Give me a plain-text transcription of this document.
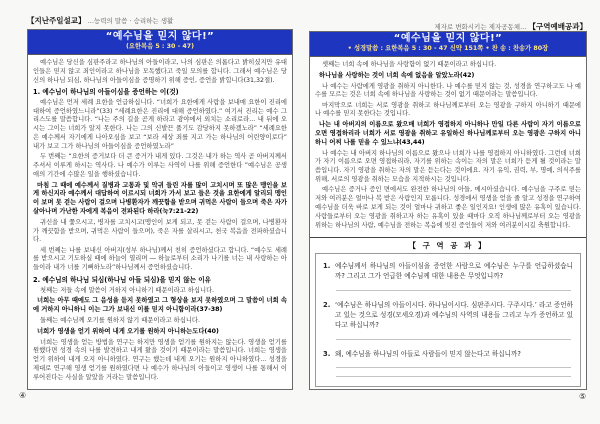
【지난주일설교】 ...능력의 말씀 · 승리하는 생활
“예수님을 믿지 않다!”
(요한복음 5 : 30 - 47)
예수님은 당신을 심판주라고 하나님의 아들이라고, 나의 심판은 의롭다고 밝히셨지만 유대인들은 믿지 않고 죄인이라고 하나님을 모독했다고 죽일 모의를 합니다. 그래서 예수님은 당신의 하나님 되심, 하나님의 아들이심을 증명하기 위해 증인, 증언을 밝힙니다(31,32절).
1. 예수님이 하나님의 아들이심을 증언하는 이(것)
예수님은 먼저 세례 요한을 언급하십니다. “너희가 요한에게 사람을 보내매 요한이 진리에 대하여 증언하였느니라”(33) “세례요한은 진리에 대해 증언하였다.” 여기서 진리는 예수 그리스도를 말씀합니다. “나는 주의 길을 곧게 하라고 광야에서 외치는 소리로라... 내 뒤에 오시는 그이는 너희가 알지 못한다. 나는 그의 신발끈 풀기도 감당하지 못하겠노라” “세례요한은 예수께서 자기에게 나아오심을 보고 “보라 세상 죄를 지고 가는 하나님의 어린양이로다” 내가 보고 그가 하나님의 아들이심을 증언하였노라”
두 번째는 “요한의 증거보다 더 큰 증거가 내게 있다. 그것은 내가 하는 역사 곧 아버지께서 주셔서 이루게 하시는 역사다. 나 예수가 이루는 사역이 나를 위해 증언한다 ”예수님은 공생애의 기간에 수많은 일을 행하셨습니다.
마침 그 때에 예수께서 질병과 고통과 및 악귀 들린 자를 많이 고치시며 또 많은 맹인을 보게 하신지라 예수께서 대답하여 이르시되 너희가 가서 보고 들은 것을 요한에게 알리되 맹인이 보며 못 걷는 사람이 걸으며 나병환자가 깨끗함을 받으며 귀먹은 사람이 들으며 죽은 자가 살아나며 가난한 자에게 복음이 전파된다 하라(눅7:21-22)
귀신을 내 쫓으시고, 병자를 고치시고(맹인이 보게 되고, 못 걷는 사람이 걸으며, 나병환자가 깨끗함을 받으며, 귀먹은 사람이 들으며), 죽은 자를 살리시고, 천국 복음을 전파하셨습니다.
세 번째는 나를 보내신 아버지(성부 하나님)께서 친히 증언하셨다고 합니다. “예수도 세례를 받으시고 기도하실 때에 하늘이 열리며 ― 하늘로부터 소리가 나기를 너는 내 사랑하는 아들이라 내가 너를 기뻐하노라”하나님께서 증언하셨습니다.
2. 예수님의 하나님 되심(하나님 아들 되심)을 믿지 않는 이유
첫째는 저들 속에 말씀이 거하지 아니하기 때문이라고 하십니다.
너희는 아무 때에도 그 음성을 듣지 못하였고 그 형상을 보지 못하였으며 그 말씀이 너희 속에 거하지 아니하니 이는 그가 보내신 이를 믿지 아니함이라(37-38)
둘째는 예수님께 오기를 원하지 않기 때문이라고 하십니다.
너희가 영생을 얻기 위하여 내게 오기를 원하지 아니하는도다(40)
너희는 영생을 얻는 방법을 연구는 하지만 영생을 얻기를 원하지는 않는다. 영생을 얻기를 원했다면 성경 속의 나를 발견하고 내게 왔을 것이기 때문이라는 말씀입니다. 너희는 영생을 얻기 위하여 내게 오지 아니하였다. 연구는 했는데 내게 오기는 원하지 아니하였다... 성경을 제대로 연구해 영생 얻기를 원하였다면 나 예수가 하나님의 아들이고 영생이 나를 통해서 이루어진다는 사실을 알았을 거라는 말씀입니다.
④
제자로 변화시키는 제자공동체... 【구역예배공과】
“예수님을 믿지 않다!”
• 성경말씀 : 요한복음 5 : 30 - 47 신약 151쪽 • 찬 송 : 찬송가 80장
셋째는 너희 속에 하나님을 사랑함이 없기 때문이라고 하십니다.
하나님을 사랑하는 것이 너희 속에 없음을 알았노라(42)
나 예수는 사람에게 영광을 취하지 아니한다. 나 예수를 믿지 않는 것, 성경을 연구하고도 나 예수를 모르는 것은 너희 속에 하나님을 사랑하는 것이 없기 때문이라는 말씀입니다.
마지막으로 너희는 서로 영광을 취하고 하나님께로부터 오는 영광을 구하지 아니하기 때문에 나 예수를 믿지 못한다는 것입니다.
나는 내 아버지의 이름으로 왔으매 너희가 영접하지 아니하나 만일 다른 사람이 자기 이름으로 오면 영접하리라 너희가 서로 영광을 취하고 유일하신 하나님께로부터 오는 영광은 구하지 아니하니 어찌 나를 믿을 수 있느냐(43,44)
나 예수는 내 아버지 하나님의 이름으로 왔으나 너희가 나를 영접하지 아니하였다. 그런데 너희가 자기 이름으로 오면 영접하리라, 자기를 위하는 속이는 자의 말은 너희가 듣게 될 것이라는 말씀입니다. 자기 영광을 취하는 자의 말은 듣는다는 것이에요. 자기 유익, 권력, 부, 명예, 의식주를 위해, 서로의 영광을 취하는 모습을 지적하시는 것입니다.
예수님은 증거나 증인 면에서도 완전한 하나님의 아들, 메시아셨습니다. 예수님을 구주로 믿는 저와 여러분은 얼마나 복 받은 사람인지 모릅니다. 성경에서 영생을 얻을 줄 알고 성경을 연구하여 예수님을 더욱 바로 보게 되는 것이 얼마나 귀하고 좋은 일인지요! 인생에 많은 유혹이 있습니다. 사람들로부터 오는 영광을 취하고자 하는 유혹이 있을 때마다 오직 하나님께로부터 오는 영광을 위하는 하나님의 사람, 예수님을 전하는 복음에 빚진 증인들이 저와 여러분이시길 축원합니다.
【 구 역 공 과 】
1. 예수님께서 하나님의 아들이심을 증언한 사람으로 예수님은 누구를 언급하셨습니까? 그리고 그가 언급한 예수님께 대한 내용은 무엇입니까?
2. ‘예수님은 하나님의 아들이시다. 하나님이시다. 심판주시다. 구주시다.’ 라고 증언하고 있는 것으로 성경(모세오경)과 예수님의 사역의 내용들 그리고 누가 증언하고 있다고 하십니까?
3. 왜, 예수님을 하나님의 아들로 사람들이 믿지 않는다고 하십니까?
⑤
